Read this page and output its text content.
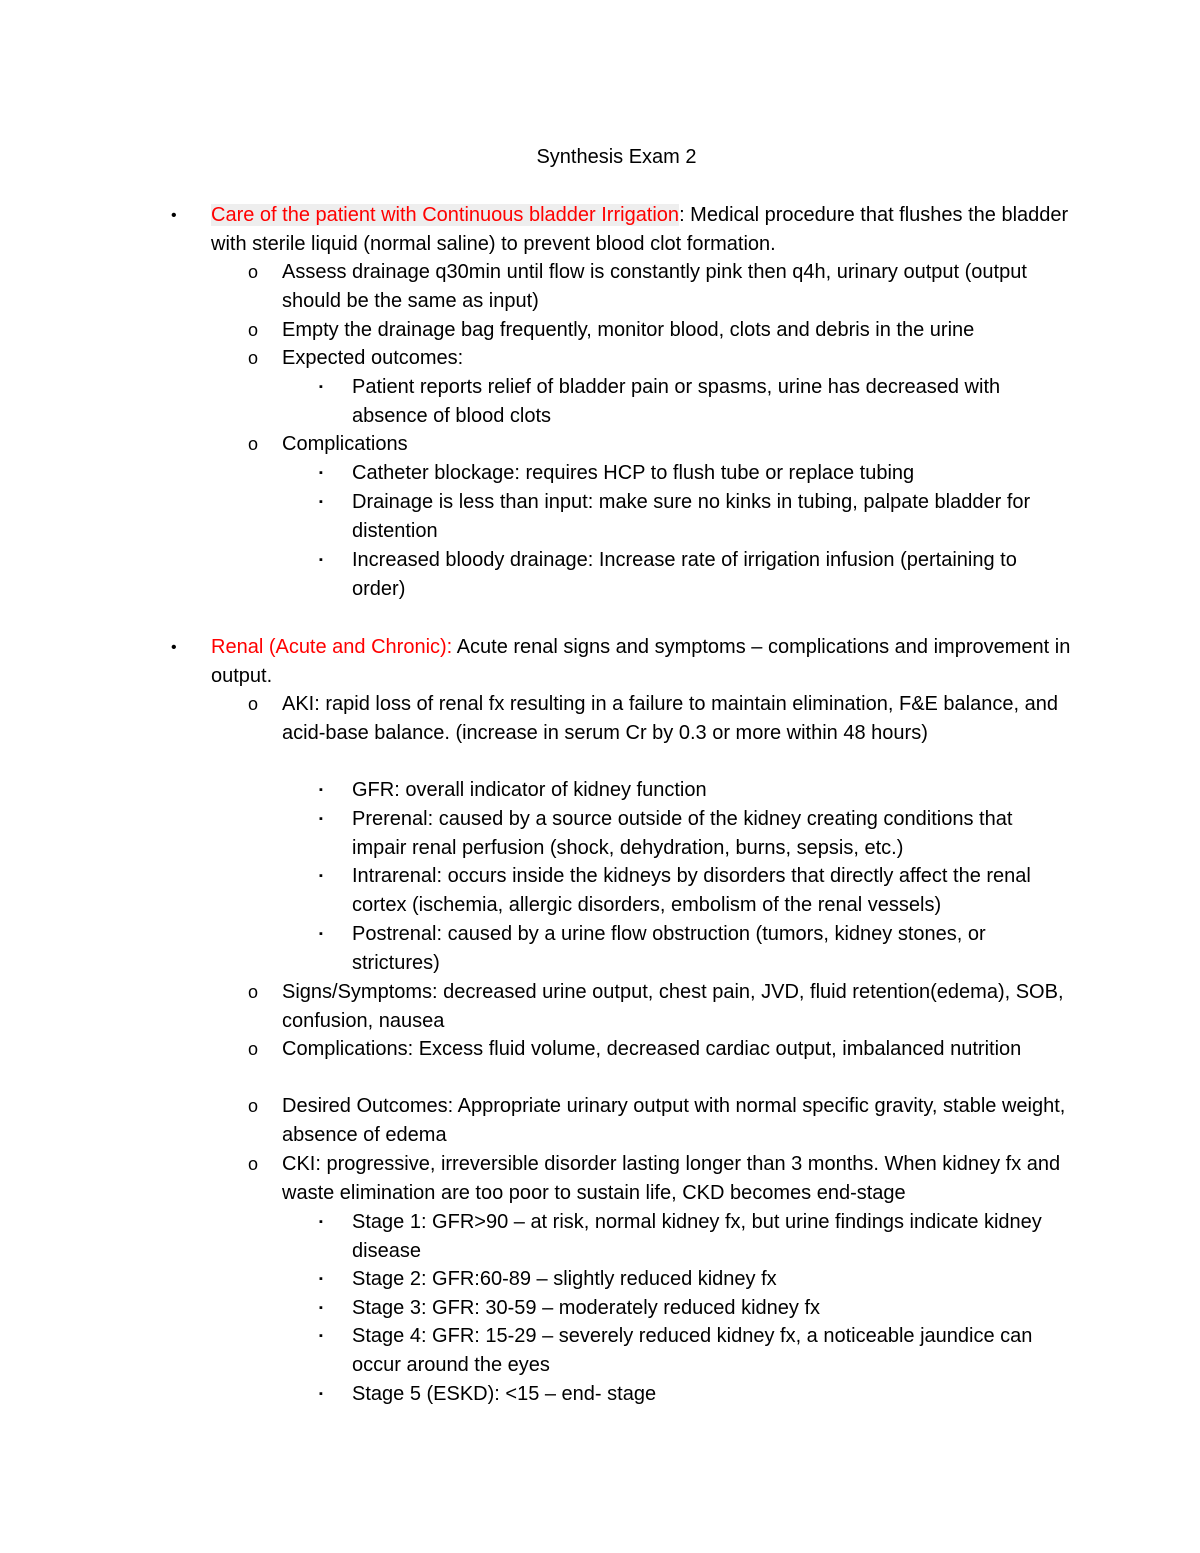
Synthesis Exam 2
• Care of the patient with Continuous bladder Irrigation: Medical procedure that flushes the bladder with sterile liquid (normal saline) to prevent blood clot formation.
o Assess drainage q30min until flow is constantly pink then q4h, urinary output (output should be the same as input)
o Empty the drainage bag frequently, monitor blood, clots and debris in the urine
o Expected outcomes:
▪ Patient reports relief of bladder pain or spasms, urine has decreased with absence of blood clots
o Complications
▪ Catheter blockage: requires HCP to flush tube or replace tubing
▪ Drainage is less than input: make sure no kinks in tubing, palpate bladder for distention
▪ Increased bloody drainage: Increase rate of irrigation infusion (pertaining to order)
• Renal (Acute and Chronic): Acute renal signs and symptoms – complications and improvement in output.
o AKI: rapid loss of renal fx resulting in a failure to maintain elimination, F&E balance, and acid-base balance. (increase in serum Cr by 0.3 or more within 48 hours)
▪ GFR: overall indicator of kidney function
▪ Prerenal: caused by a source outside of the kidney creating conditions that impair renal perfusion (shock, dehydration, burns, sepsis, etc.)
▪ Intrarenal: occurs inside the kidneys by disorders that directly affect the renal cortex (ischemia, allergic disorders, embolism of the renal vessels)
▪ Postrenal: caused by a urine flow obstruction (tumors, kidney stones, or strictures)
o Signs/Symptoms: decreased urine output, chest pain, JVD, fluid retention(edema), SOB, confusion, nausea
o Complications: Excess fluid volume, decreased cardiac output, imbalanced nutrition
o Desired Outcomes: Appropriate urinary output with normal specific gravity, stable weight, absence of edema
o CKI: progressive, irreversible disorder lasting longer than 3 months. When kidney fx and waste elimination are too poor to sustain life, CKD becomes end-stage
▪ Stage 1: GFR>90 – at risk, normal kidney fx, but urine findings indicate kidney disease
▪ Stage 2: GFR:60-89 – slightly reduced kidney fx
▪ Stage 3: GFR: 30-59 – moderately reduced kidney fx
▪ Stage 4: GFR: 15-29 – severely reduced kidney fx, a noticeable jaundice can occur around the eyes
▪ Stage 5 (ESKD): <15 – end- stage
